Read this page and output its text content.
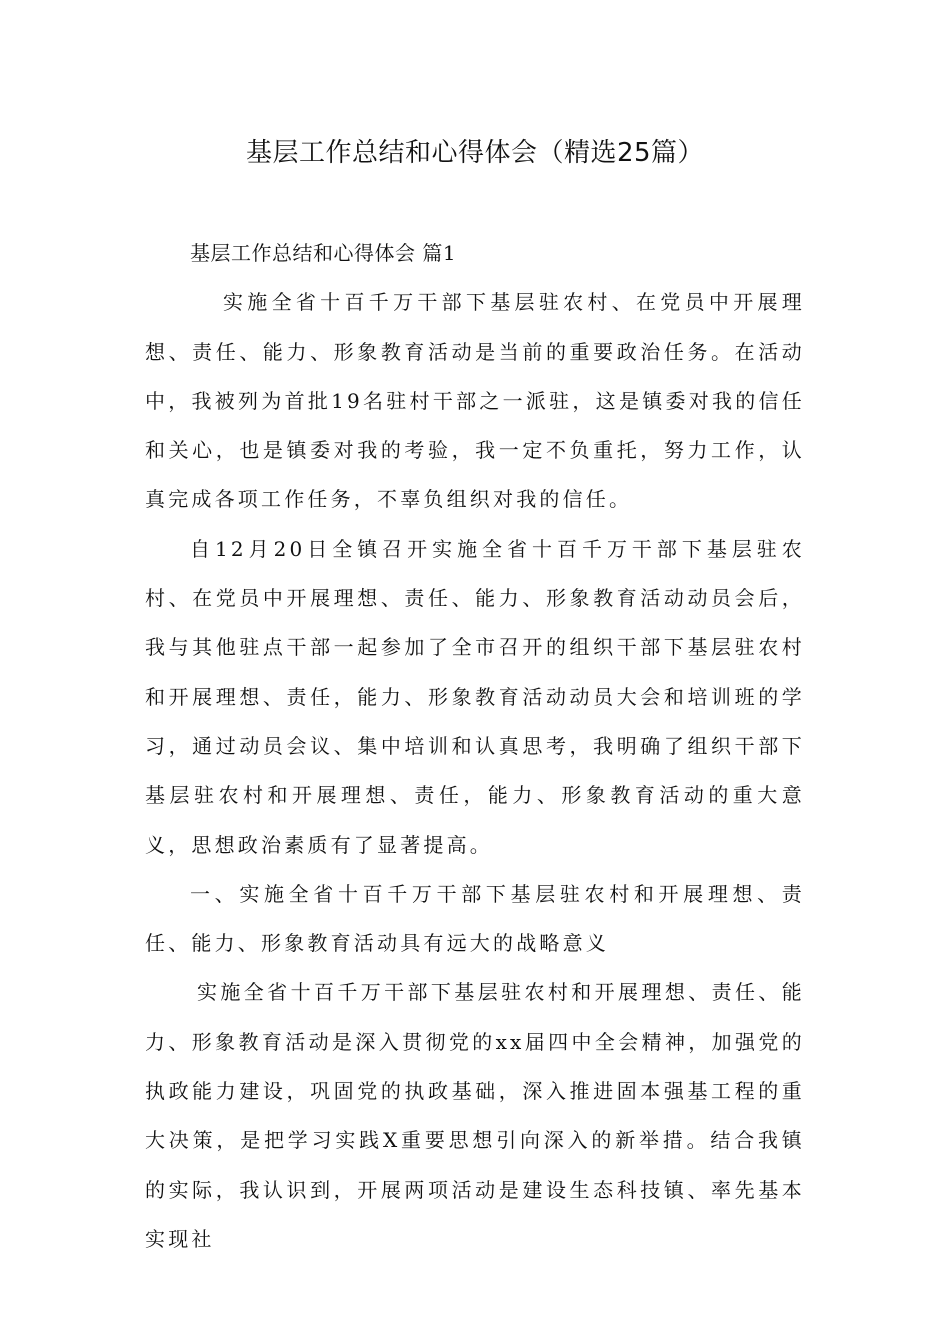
基层工作总结和心得体会（精选25篇）

基层工作总结和心得体会 篇1

实施全省十百千万干部下基层驻农村、在党员中开展理想、责任、能力、形象教育活动是当前的重要政治任务。在活动中，我被列为首批19名驻村干部之一派驻，这是镇委对我的信任和关心，也是镇委对我的考验，我一定不负重托，努力工作，认真完成各项工作任务，不辜负组织对我的信任。

自12月20日全镇召开实施全省十百千万干部下基层驻农村、在党员中开展理想、责任、能力、形象教育活动动员会后，我与其他驻点干部一起参加了全市召开的组织干部下基层驻农村和开展理想、责任，能力、形象教育活动动员大会和培训班的学习，通过动员会议、集中培训和认真思考，我明确了组织干部下基层驻农村和开展理想、责任，能力、形象教育活动的重大意义，思想政治素质有了显著提高。

一、实施全省十百千万干部下基层驻农村和开展理想、责任、能力、形象教育活动具有远大的战略意义

实施全省十百千万干部下基层驻农村和开展理想、责任、能力、形象教育活动是深入贯彻党的xx届四中全会精神，加强党的执政能力建设，巩固党的执政基础，深入推进固本强基工程的重大决策，是把学习实践X重要思想引向深入的新举措。结合我镇的实际，我认识到，开展两项活动是建设生态科技镇、率先基本实现社
